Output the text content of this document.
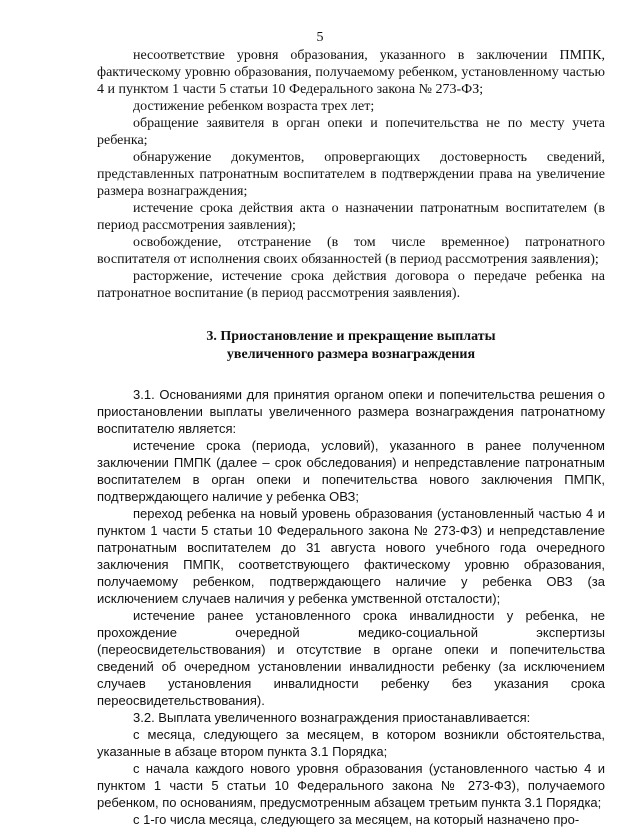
5

несоответствие уровня образования, указанного в заключении ПМПК, фактическому уровню образования, получаемому ребенком, установленному частью 4 и пунктом 1 части 5 статьи 10 Федерального закона № 273-ФЗ;

достижение ребенком возраста трех лет;

обращение заявителя в орган опеки и попечительства не по месту учета ребенка;

обнаружение документов, опровергающих достоверность сведений, представленных патронатным воспитателем в подтверждении права на увеличение размера вознаграждения;

истечение срока действия акта о назначении патронатным воспитателем (в период рассмотрения заявления);

освобождение, отстранение (в том числе временное) патронатного воспитателя от исполнения своих обязанностей (в период рассмотрения заявления);

расторжение, истечение срока действия договора о передаче ребенка на патронатное воспитание (в период рассмотрения заявления).

3. Приостановление и прекращение выплаты
увеличенного размера вознаграждения

3.1. Основаниями для принятия органом опеки и попечительства решения о приостановлении выплаты увеличенного размера вознаграждения патронатному воспитателю является:

истечение срока (периода, условий), указанного в ранее полученном заключении ПМПК (далее – срок обследования) и непредставление патронатным воспитателем в орган опеки и попечительства нового заключения ПМПК, подтверждающего наличие у ребенка ОВЗ;

переход ребенка на новый уровень образования (установленный частью 4 и пунктом 1 части 5 статьи 10 Федерального закона № 273-ФЗ) и непредставление патронатным воспитателем до 31 августа нового учебного года очередного заключения ПМПК, соответствующего фактическому уровню образования, получаемому ребенком, подтверждающего наличие у ребенка ОВЗ (за исключением случаев наличия у ребенка умственной отсталости);

истечение ранее установленного срока инвалидности у ребенка, не прохождение очередной медико-социальной экспертизы (переосвидетельствования) и отсутствие в органе опеки и попечительства сведений об очередном установлении инвалидности ребенку (за исключением случаев установления инвалидности ребенку без указания срока переосвидетельствования).

3.2. Выплата увеличенного вознаграждения приостанавливается:

с месяца, следующего за месяцем, в котором возникли обстоятельства, указанные в абзаце втором пункта 3.1 Порядка;

с начала каждого нового уровня образования (установленного частью 4 и пунктом 1 части 5 статьи 10 Федерального закона № 273-ФЗ), получаемого ребенком, по основаниям, предусмотренным абзацем третьим пункта 3.1 Порядка;

с 1-го числа месяца, следующего за месяцем, на который назначено про-
